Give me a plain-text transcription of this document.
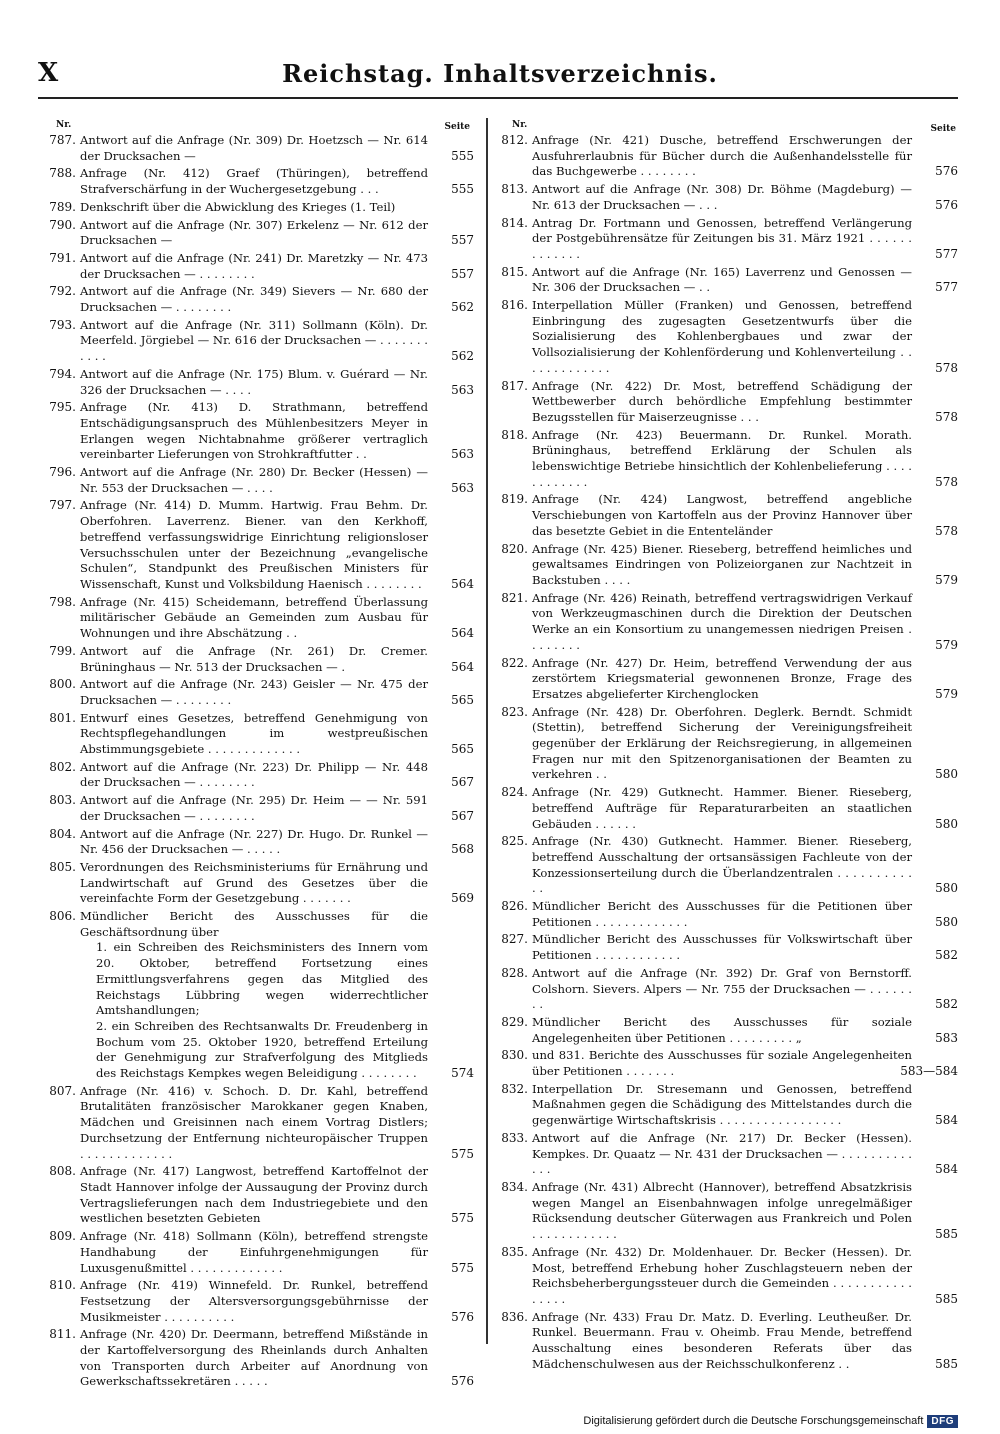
X	Reichstag. Inhaltsverzeichnis.
Nr.	Seite
787. Antwort auf die Anfrage (Nr. 309) Dr. Hoetzsch — Nr. 614 der Drucksachen —	555
788. Anfrage (Nr. 412) Graef (Thüringen), betreffend Strafverschärfung in der Wuchergesetzgebung . . .	555
789. Denkschrift über die Abwicklung des Krieges (1. Teil)
790. Antwort auf die Anfrage (Nr. 307) Erkelenz — Nr. 612 der Drucksachen —	557
791. Antwort auf die Anfrage (Nr. 241) Dr. Maretzky — Nr. 473 der Drucksachen — . . . . . . . .	557
792. Antwort auf die Anfrage (Nr. 349) Sievers — Nr. 680 der Drucksachen — . . . . . . . .	562
793. Antwort auf die Anfrage (Nr. 311) Sollmann (Köln). Dr. Meerfeld. Jörgiebel — Nr. 616 der Drucksachen — . . . . . . . . . . .	562
794. Antwort auf die Anfrage (Nr. 175) Blum. v. Guérard — Nr. 326 der Drucksachen — . . . .	563
795. Anfrage (Nr. 413) D. Strathmann, betreffend Entschädigungsanspruch des Mühlenbesitzers Meyer in Erlangen wegen Nichtabnahme größerer vertraglich vereinbarter Lieferungen von Strohkraftfutter . .	563
796. Antwort auf die Anfrage (Nr. 280) Dr. Becker (Hessen) — Nr. 553 der Drucksachen — . . . .	563
797. Anfrage (Nr. 414) D. Mumm. Hartwig. Frau Behm. Dr. Oberfohren. Laverrenz. Biener. van den Kerkhoff, betreffend verfassungswidrige Einrichtung religionsloser Versuchsschulen unter der Bezeichnung „evangelische Schulen“, Standpunkt des Preußischen Ministers für Wissenschaft, Kunst und Volksbildung Haenisch . . . . . . . .	564
798. Anfrage (Nr. 415) Scheidemann, betreffend Überlassung militärischer Gebäude an Gemeinden zum Ausbau für Wohnungen und ihre Abschätzung . .	564
799. Antwort auf die Anfrage (Nr. 261) Dr. Cremer. Brüninghaus — Nr. 513 der Drucksachen — .	564
800. Antwort auf die Anfrage (Nr. 243) Geisler — Nr. 475 der Drucksachen — . . . . . . . .	565
801. Entwurf eines Gesetzes, betreffend Genehmigung von Rechtspflegehandlungen im westpreußischen Abstimmungsgebiete . . . . . . . . . . . . .	565
802. Antwort auf die Anfrage (Nr. 223) Dr. Philipp — Nr. 448 der Drucksachen — . . . . . . . .	567
803. Antwort auf die Anfrage (Nr. 295) Dr. Heim — — Nr. 591 der Drucksachen — . . . . . . . .	567
804. Antwort auf die Anfrage (Nr. 227) Dr. Hugo. Dr. Runkel — Nr. 456 der Drucksachen — . . . . .	568
805. Verordnungen des Reichsministeriums für Ernährung und Landwirtschaft auf Grund des Gesetzes über die vereinfachte Form der Gesetzgebung . . . . . . .	569
806. Mündlicher Bericht des Ausschusses für die Geschäftsordnung über
1. ein Schreiben des Reichsministers des Innern vom 20. Oktober, betreffend Fortsetzung eines Ermittlungsverfahrens gegen das Mitglied des Reichstags Lübbring wegen widerrechtlicher Amtshandlungen;
2. ein Schreiben des Rechtsanwalts Dr. Freudenberg in Bochum vom 25. Oktober 1920, betreffend Erteilung der Genehmigung zur Strafverfolgung des Mitglieds des Reichstags Kempkes wegen Beleidigung . . . . . . . .	574
807. Anfrage (Nr. 416) v. Schoch. D. Dr. Kahl, betreffend Brutalitäten französischer Marokkaner gegen Knaben, Mädchen und Greisinnen nach einem Vortrag Distlers; Durchsetzung der Entfernung nichteuropäischer Truppen . . . . . . . . . . . . .	575
808. Anfrage (Nr. 417) Langwost, betreffend Kartoffelnot der Stadt Hannover infolge der Aussaugung der Provinz durch Vertragslieferungen nach dem Industriegebiete und den westlichen besetzten Gebieten	575
809. Anfrage (Nr. 418) Sollmann (Köln), betreffend strengste Handhabung der Einfuhrgenehmigungen für Luxusgenußmittel . . . . . . . . . . . . .	575
810. Anfrage (Nr. 419) Winnefeld. Dr. Runkel, betreffend Festsetzung der Altersversorgungsgebührnisse der Musikmeister . . . . . . . . . .	576
811. Anfrage (Nr. 420) Dr. Deermann, betreffend Mißstände in der Kartoffelversorgung des Rheinlands durch Anhalten von Transporten durch Arbeiter auf Anordnung von Gewerkschaftssekretären . . . . .	576
Nr.	Seite
812. Anfrage (Nr. 421) Dusche, betreffend Erschwerungen der Ausfuhrerlaubnis für Bücher durch die Außenhandelsstelle für das Buchgewerbe . . . . . . . .	576
813. Antwort auf die Anfrage (Nr. 308) Dr. Böhme (Magdeburg) — Nr. 613 der Drucksachen — . . .	576
814. Antrag Dr. Fortmann und Genossen, betreffend Verlängerung der Postgebührensätze für Zeitungen bis 31. März 1921 . . . . . . . . . . . . .	577
815. Antwort auf die Anfrage (Nr. 165) Laverrenz und Genossen — Nr. 306 der Drucksachen — . .	577
816. Interpellation Müller (Franken) und Genossen, betreffend Einbringung des zugesagten Gesetzentwurfs über die Sozialisierung des Kohlenbergbaues und zwar der Vollsozialisierung der Kohlenförderung und Kohlenverteilung . . . . . . . . . . . . .	578
817. Anfrage (Nr. 422) Dr. Most, betreffend Schädigung der Wettbewerber durch behördliche Empfehlung bestimmter Bezugsstellen für Maiserzeugnisse . . .	578
818. Anfrage (Nr. 423) Beuermann. Dr. Runkel. Morath. Brüninghaus, betreffend Erklärung der Schulen als lebenswichtige Betriebe hinsichtlich der Kohlenbelieferung . . . . . . . . . . . .	578
819. Anfrage (Nr. 424) Langwost, betreffend angebliche Verschiebungen von Kartoffeln aus der Provinz Hannover über das besetzte Gebiet in die Ententeländer	578
820. Anfrage (Nr. 425) Biener. Rieseberg, betreffend heimliches und gewaltsames Eindringen von Polizeiorganen zur Nachtzeit in Backstuben . . . .	579
821. Anfrage (Nr. 426) Reinath, betreffend vertragswidrigen Verkauf von Werkzeugmaschinen durch die Direktion der Deutschen Werke an ein Konsortium zu unangemessen niedrigen Preisen . . . . . . . .	579
822. Anfrage (Nr. 427) Dr. Heim, betreffend Verwendung der aus zerstörtem Kriegsmaterial gewonnenen Bronze, Frage des Ersatzes abgelieferter Kirchenglocken	579
823. Anfrage (Nr. 428) Dr. Oberfohren. Deglerk. Berndt. Schmidt (Stettin), betreffend Sicherung der Vereinigungsfreiheit gegenüber der Erklärung der Reichsregierung, in allgemeinen Fragen nur mit den Spitzenorganisationen der Beamten zu verkehren . .	580
824. Anfrage (Nr. 429) Gutknecht. Hammer. Biener. Rieseberg, betreffend Aufträge für Reparaturarbeiten an staatlichen Gebäuden . . . . . .	580
825. Anfrage (Nr. 430) Gutknecht. Hammer. Biener. Rieseberg, betreffend Ausschaltung der ortsansässigen Fachleute von der Konzessionserteilung durch die Überlandzentralen . . . . . . . . . . . .	580
826. Mündlicher Bericht des Ausschusses für die Petitionen über Petitionen . . . . . . . . . . . . .	580
827. Mündlicher Bericht des Ausschusses für Volkswirtschaft über Petitionen . . . . . . . . . . . .	582
828. Antwort auf die Anfrage (Nr. 392) Dr. Graf von Bernstorff. Colshorn. Sievers. Alpers — Nr. 755 der Drucksachen — . . . . . . . .	582
829. Mündlicher Bericht des Ausschusses für soziale Angelegenheiten über Petitionen . . . . . . . . . „	583
830. und 831. Berichte des Ausschusses für soziale Angelegenheiten über Petitionen . . . . . . .	583—584
832. Interpellation Dr. Stresemann und Genossen, betreffend Maßnahmen gegen die Schädigung des Mittelstandes durch die gegenwärtige Wirtschaftskrisis . . . . . . . . . . . . . . . . .	584
833. Antwort auf die Anfrage (Nr. 217) Dr. Becker (Hessen). Kempkes. Dr. Quaatz — Nr. 431 der Drucksachen — . . . . . . . . . . . . .	584
834. Anfrage (Nr. 431) Albrecht (Hannover), betreffend Absatzkrisis wegen Mangel an Eisenbahnwagen infolge unregelmäßiger Rücksendung deutscher Güterwagen aus Frankreich und Polen . . . . . . . . . . . .	585
835. Anfrage (Nr. 432) Dr. Moldenhauer. Dr. Becker (Hessen). Dr. Most, betreffend Erhebung hoher Zuschlagsteuern neben der Reichsbeherbergungssteuer durch die Gemeinden . . . . . . . . . . . . . . . .	585
836. Anfrage (Nr. 433) Frau Dr. Matz. D. Everling. Leutheußer. Dr. Runkel. Beuermann. Frau v. Oheimb. Frau Mende, betreffend Ausschaltung eines besonderen Referats über das Mädchenschulwesen aus der Reichsschulkonferenz . .	585
Digitalisierung gefördert durch die Deutsche Forschungsgemeinschaft DFG
